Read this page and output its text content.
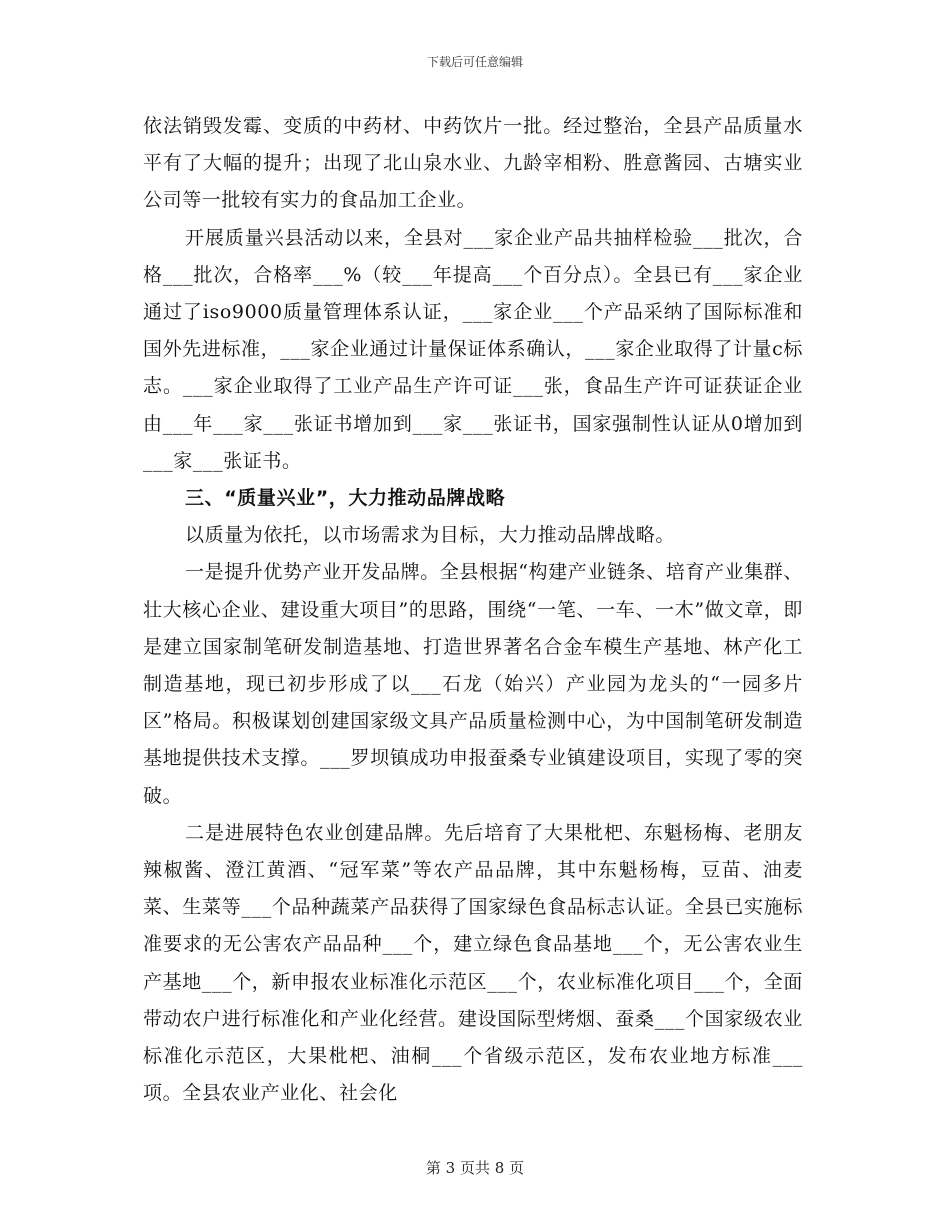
下载后可任意编辑

依法销毁发霉、变质的中药材、中药饮片一批。经过整治，全县产品质量水平有了大幅的提升；出现了北山泉水业、九龄宰相粉、胜意酱园、古塘实业公司等一批较有实力的食品加工企业。

开展质量兴县活动以来，全县对___家企业产品共抽样检验___批次，合格___批次，合格率___%（较___年提高___个百分点）。全县已有___家企业通过了iso9000质量管理体系认证，___家企业___个产品采纳了国际标准和国外先进标准，___家企业通过计量保证体系确认，___家企业取得了计量c标志。___家企业取得了工业产品生产许可证___张，食品生产许可证获证企业由___年___家___张证书增加到___家___张证书，国家强制性认证从0增加到___家___张证书。

三、“质量兴业”，大力推动品牌战略

以质量为依托，以市场需求为目标，大力推动品牌战略。

一是提升优势产业开发品牌。全县根据“构建产业链条、培育产业集群、壮大核心企业、建设重大项目”的思路，围绕“一笔、一车、一木”做文章，即是建立国家制笔研发制造基地、打造世界著名合金车模生产基地、林产化工制造基地，现已初步形成了以___石龙（始兴）产业园为龙头的“一园多片区”格局。积极谋划创建国家级文具产品质量检测中心，为中国制笔研发制造基地提供技术支撑。___罗坝镇成功申报蚕桑专业镇建设项目，实现了零的突破。

二是进展特色农业创建品牌。先后培育了大果枇杷、东魁杨梅、老朋友辣椒酱、澄江黄酒、“冠军菜”等农产品品牌，其中东魁杨梅，豆苗、油麦菜、生菜等___个品种蔬菜产品获得了国家绿色食品标志认证。全县已实施标准要求的无公害农产品品种___个，建立绿色食品基地___个，无公害农业生产基地___个，新申报农业标准化示范区___个，农业标准化项目___个，全面带动农户进行标准化和产业化经营。建设国际型烤烟、蚕桑___个国家级农业标准化示范区，大果枇杷、油桐___个省级示范区，发布农业地方标准___项。全县农业产业化、社会化

第 3 页共 8 页
